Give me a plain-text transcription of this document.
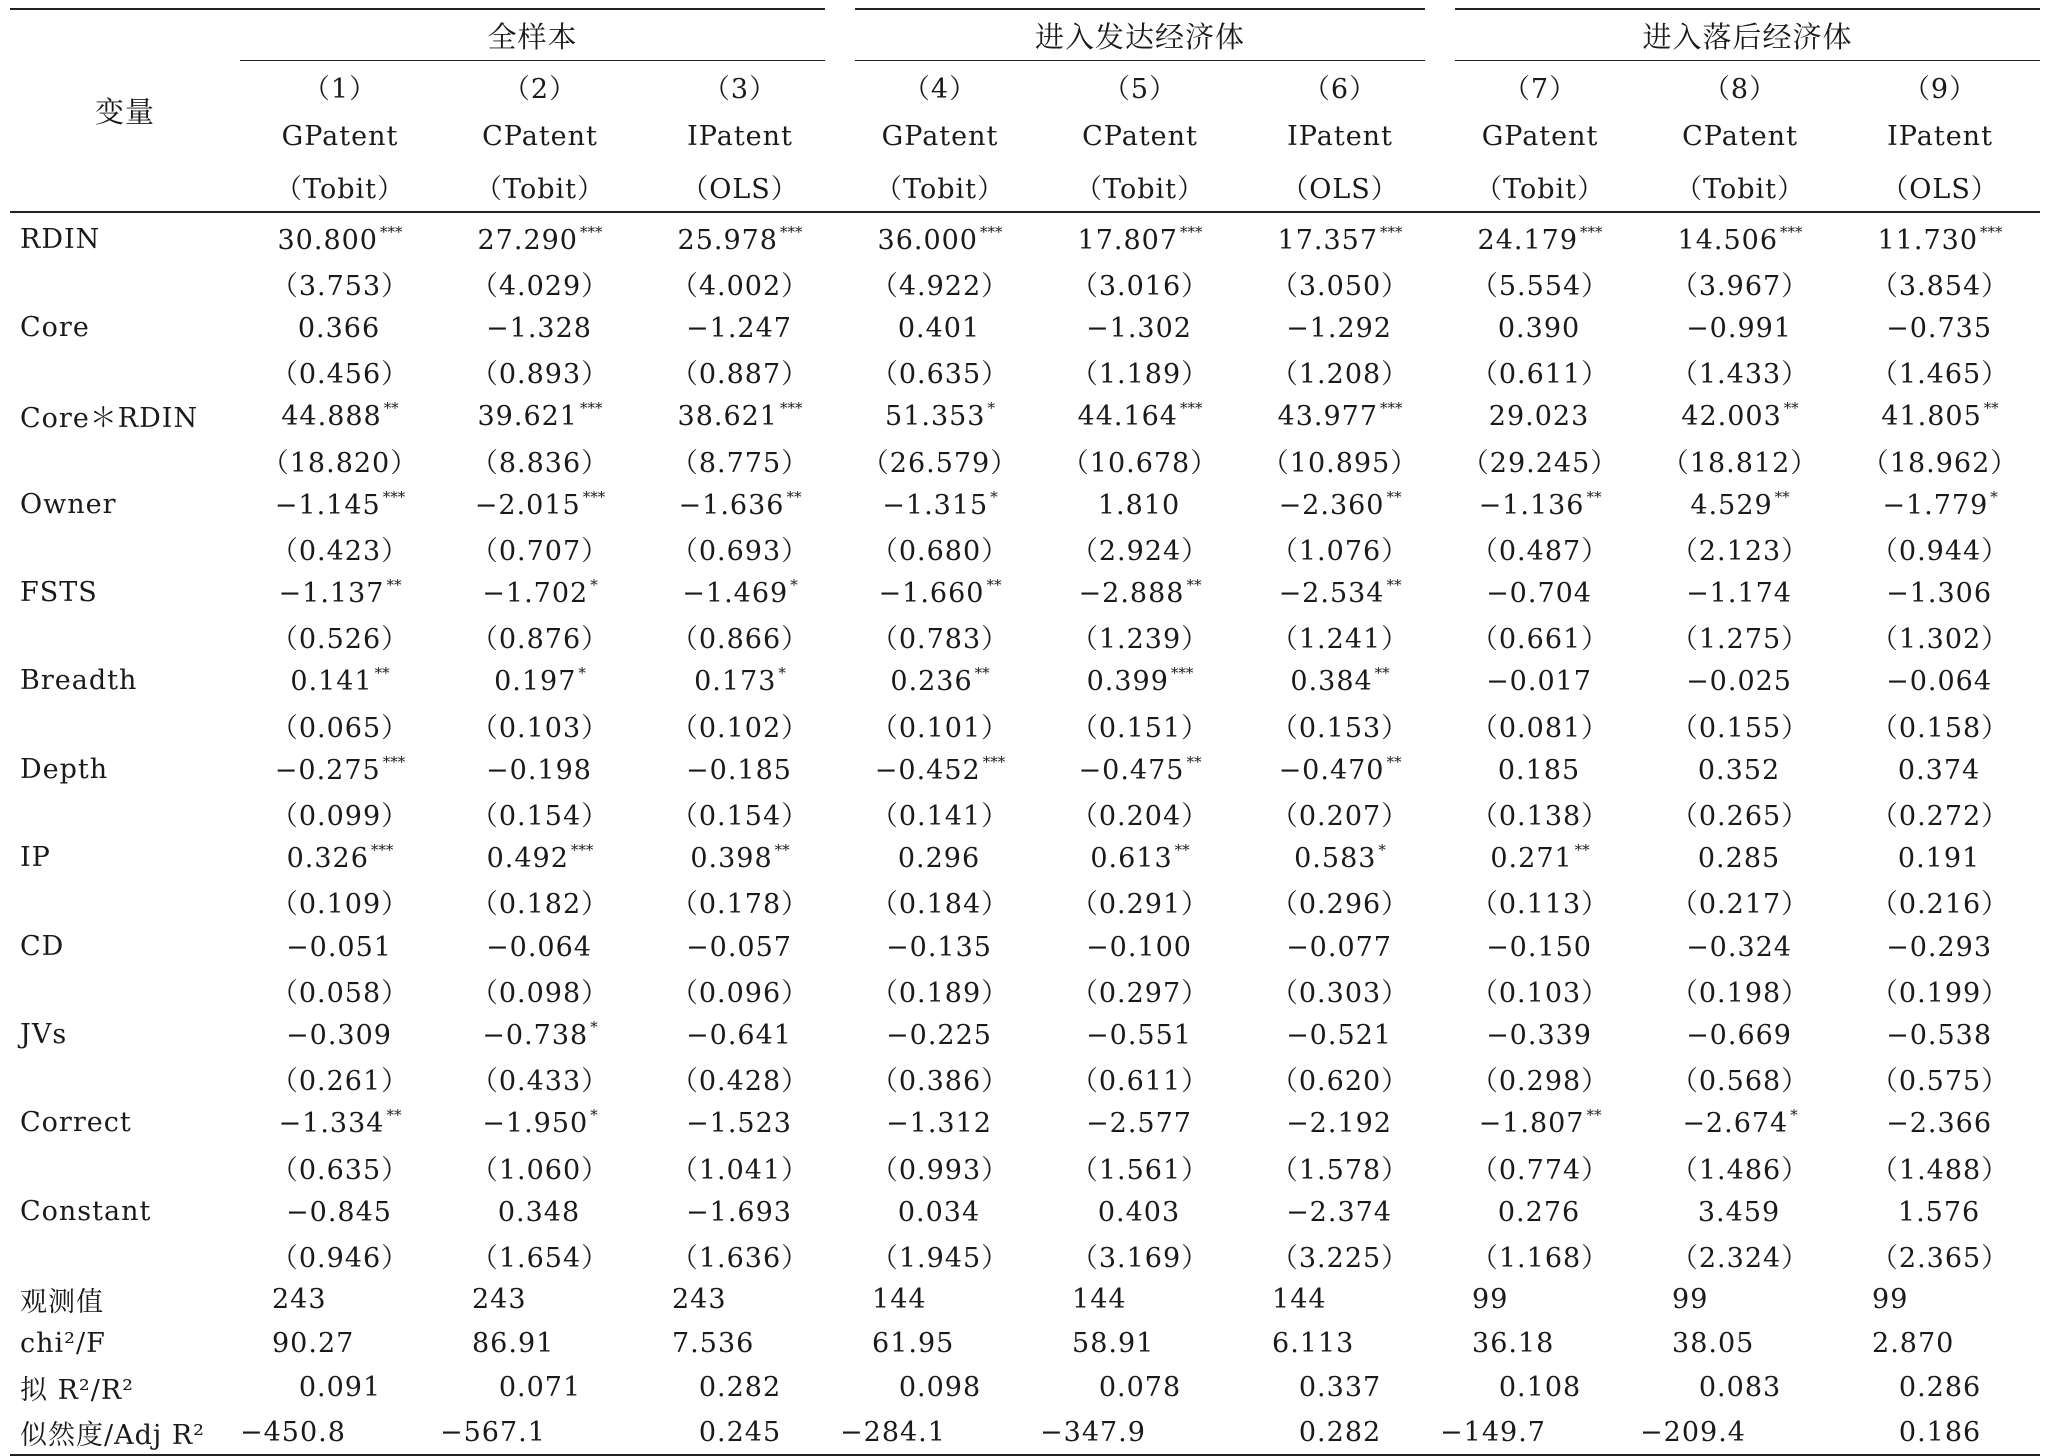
变量	全样本			进入发达经济体			进入落后经济体		
	（1）	（2）	（3）	（4）	（5）	（6）	（7）	（8）	（9）
	GPatent	CPatent	IPatent	GPatent	CPatent	IPatent	GPatent	CPatent	IPatent
	（Tobit）	（Tobit）	（OLS）	（Tobit）	（Tobit）	（OLS）	（Tobit）	（Tobit）	（OLS）
RDIN	30.800 ***	27.290 ***	25.978 ***	36.000 ***	17.807 ***	17.357 ***	24.179 ***	14.506 ***	11.730 ***
	（3.753）	（4.029）	（4.002）	（4.922）	（3.016）	（3.050）	（5.554）	（3.967）	（3.854）
Core	0.366	−1.328	−1.247	0.401	−1.302	−1.292	0.390	−0.991	−0.735
	（0.456）	（0.893）	（0.887）	（0.635）	（1.189）	（1.208）	（0.611）	（1.433）	（1.465）
Core＊RDIN	44.888 **	39.621 ***	38.621 ***	51.353 *	44.164 ***	43.977 ***	29.023	42.003 **	41.805 **
	（18.820）	（8.836）	（8.775）	（26.579）	（10.678）	（10.895）	（29.245）	（18.812）	（18.962）
Owner	−1.145 ***	−2.015 ***	−1.636 **	−1.315 *	1.810	−2.360 **	−1.136 **	4.529 **	−1.779 *
	（0.423）	（0.707）	（0.693）	（0.680）	（2.924）	（1.076）	（0.487）	（2.123）	（0.944）
FSTS	−1.137 **	−1.702 *	−1.469 *	−1.660 **	−2.888 **	−2.534 **	−0.704	−1.174	−1.306
	（0.526）	（0.876）	（0.866）	（0.783）	（1.239）	（1.241）	（0.661）	（1.275）	（1.302）
Breadth	0.141 **	0.197 *	0.173 *	0.236 **	0.399 ***	0.384 **	−0.017	−0.025	−0.064
	（0.065）	（0.103）	（0.102）	（0.101）	（0.151）	（0.153）	（0.081）	（0.155）	（0.158）
Depth	−0.275 ***	−0.198	−0.185	−0.452 ***	−0.475 **	−0.470 **	0.185	0.352	0.374
	（0.099）	（0.154）	（0.154）	（0.141）	（0.204）	（0.207）	（0.138）	（0.265）	（0.272）
IP	0.326 ***	0.492 ***	0.398 **	0.296	0.613 **	0.583 *	0.271 **	0.285	0.191
	（0.109）	（0.182）	（0.178）	（0.184）	（0.291）	（0.296）	（0.113）	（0.217）	（0.216）
CD	−0.051	−0.064	−0.057	−0.135	−0.100	−0.077	−0.150	−0.324	−0.293
	（0.058）	（0.098）	（0.096）	（0.189）	（0.297）	（0.303）	（0.103）	（0.198）	（0.199）
JVs	−0.309	−0.738 *	−0.641	−0.225	−0.551	−0.521	−0.339	−0.669	−0.538
	（0.261）	（0.433）	（0.428）	（0.386）	（0.611）	（0.620）	（0.298）	（0.568）	（0.575）
Correct	−1.334 **	−1.950 *	−1.523	−1.312	−2.577	−2.192	−1.807 **	−2.674 *	−2.366
	（0.635）	（1.060）	（1.041）	（0.993）	（1.561）	（1.578）	（0.774）	（1.486）	（1.488）
Constant	−0.845	0.348	−1.693	0.034	0.403	−2.374	0.276	3.459	1.576
	（0.946）	（1.654）	（1.636）	（1.945）	（3.169）	（3.225）	（1.168）	（2.324）	（2.365）
观测值	243	243	243	144	144	144	99	99	99
chi²/F	90.27	86.91	7.536	61.95	58.91	6.113	36.18	38.05	2.870
拟 R²/R²	0.091	0.071	0.282	0.098	0.078	0.337	0.108	0.083	0.286
似然度/Adj R²	−450.8	−567.1	0.245	−284.1	−347.9	0.282	−149.7	−209.4	0.186
